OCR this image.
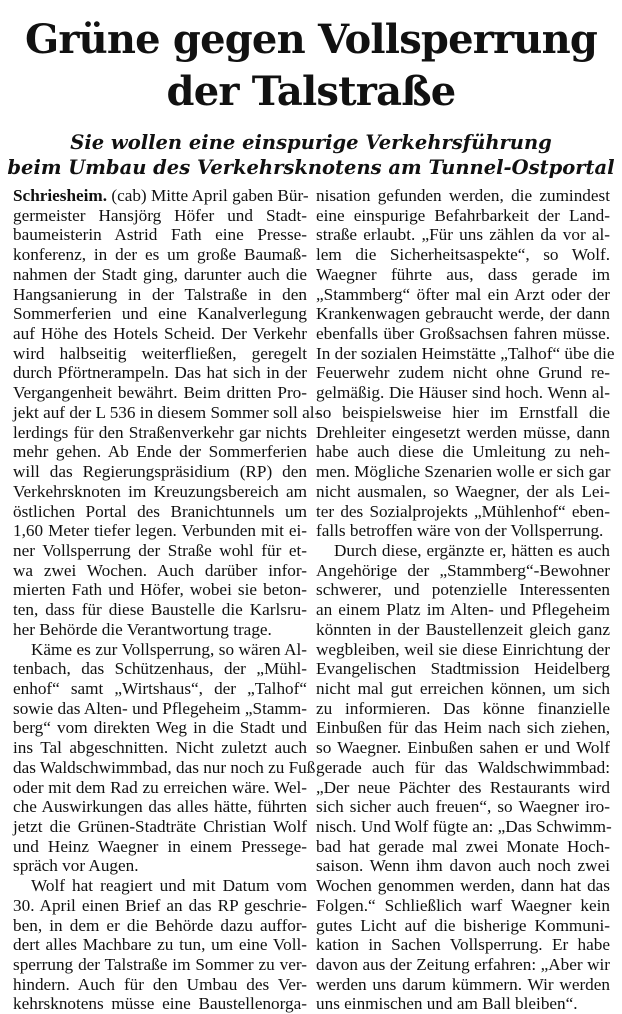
Grüne gegen Vollsperrung
der Talstraße
Sie wollen eine einspurige Verkehrsführung
beim Umbau des Verkehrsknotens am Tunnel-Ostportal
Schriesheim. (cab) Mitte April gaben Bür-
germeister Hansjörg Höfer und Stadt-
baumeisterin Astrid Fath eine Presse-
konferenz, in der es um große Baumaß-
nahmen der Stadt ging, darunter auch die
Hangsanierung in der Talstraße in den
Sommerferien und eine Kanalverlegung
auf Höhe des Hotels Scheid. Der Verkehr
wird halbseitig weiterfließen, geregelt
durch Pförtnerampeln. Das hat sich in der
Vergangenheit bewährt. Beim dritten Pro-
jekt auf der L 536 in diesem Sommer soll al-
lerdings für den Straßenverkehr gar nichts
mehr gehen. Ab Ende der Sommerferien
will das Regierungspräsidium (RP) den
Verkehrsknoten im Kreuzungsbereich am
östlichen Portal des Branichtunnels um
1,60 Meter tiefer legen. Verbunden mit ei-
ner Vollsperrung der Straße wohl für et-
wa zwei Wochen. Auch darüber infor-
mierten Fath und Höfer, wobei sie beton-
ten, dass für diese Baustelle die Karlsru-
her Behörde die Verantwortung trage.
Käme es zur Vollsperrung, so wären Al-
tenbach, das Schützenhaus, der „Mühl-
enhof“ samt „Wirtshaus“, der „Talhof“
sowie das Alten- und Pflegeheim „Stamm-
berg“ vom direkten Weg in die Stadt und
ins Tal abgeschnitten. Nicht zuletzt auch
das Waldschwimmbad, das nur noch zu Fuß
oder mit dem Rad zu erreichen wäre. Wel-
che Auswirkungen das alles hätte, führten
jetzt die Grünen-Stadträte Christian Wolf
und Heinz Waegner in einem Pressege-
spräch vor Augen.
Wolf hat reagiert und mit Datum vom
30. April einen Brief an das RP geschrie-
ben, in dem er die Behörde dazu auffor-
dert alles Machbare zu tun, um eine Voll-
sperrung der Talstraße im Sommer zu ver-
hindern. Auch für den Umbau des Ver-
kehrsknotens müsse eine Baustellenorga-
nisation gefunden werden, die zumindest
eine einspurige Befahrbarkeit der Land-
straße erlaubt. „Für uns zählen da vor al-
lem die Sicherheitsaspekte“, so Wolf.
Waegner führte aus, dass gerade im
„Stammberg“ öfter mal ein Arzt oder der
Krankenwagen gebraucht werde, der dann
ebenfalls über Großsachsen fahren müsse.
In der sozialen Heimstätte „Talhof“ übe die
Feuerwehr zudem nicht ohne Grund re-
gelmäßig. Die Häuser sind hoch. Wenn al-
so beispielsweise hier im Ernstfall die
Drehleiter eingesetzt werden müsse, dann
habe auch diese die Umleitung zu neh-
men. Mögliche Szenarien wolle er sich gar
nicht ausmalen, so Waegner, der als Lei-
ter des Sozialprojekts „Mühlenhof“ eben-
falls betroffen wäre von der Vollsperrung.
Durch diese, ergänzte er, hätten es auch
Angehörige der „Stammberg“-Bewohner
schwerer, und potenzielle Interessenten
an einem Platz im Alten- und Pflegeheim
könnten in der Baustellenzeit gleich ganz
wegbleiben, weil sie diese Einrichtung der
Evangelischen Stadtmission Heidelberg
nicht mal gut erreichen können, um sich
zu informieren. Das könne finanzielle
Einbußen für das Heim nach sich ziehen,
so Waegner. Einbußen sahen er und Wolf
gerade auch für das Waldschwimmbad:
„Der neue Pächter des Restaurants wird
sich sicher auch freuen“, so Waegner iro-
nisch. Und Wolf fügte an: „Das Schwimm-
bad hat gerade mal zwei Monate Hoch-
saison. Wenn ihm davon auch noch zwei
Wochen genommen werden, dann hat das
Folgen.“ Schließlich warf Waegner kein
gutes Licht auf die bisherige Kommuni-
kation in Sachen Vollsperrung. Er habe
davon aus der Zeitung erfahren: „Aber wir
werden uns darum kümmern. Wir werden
uns einmischen und am Ball bleiben“.
